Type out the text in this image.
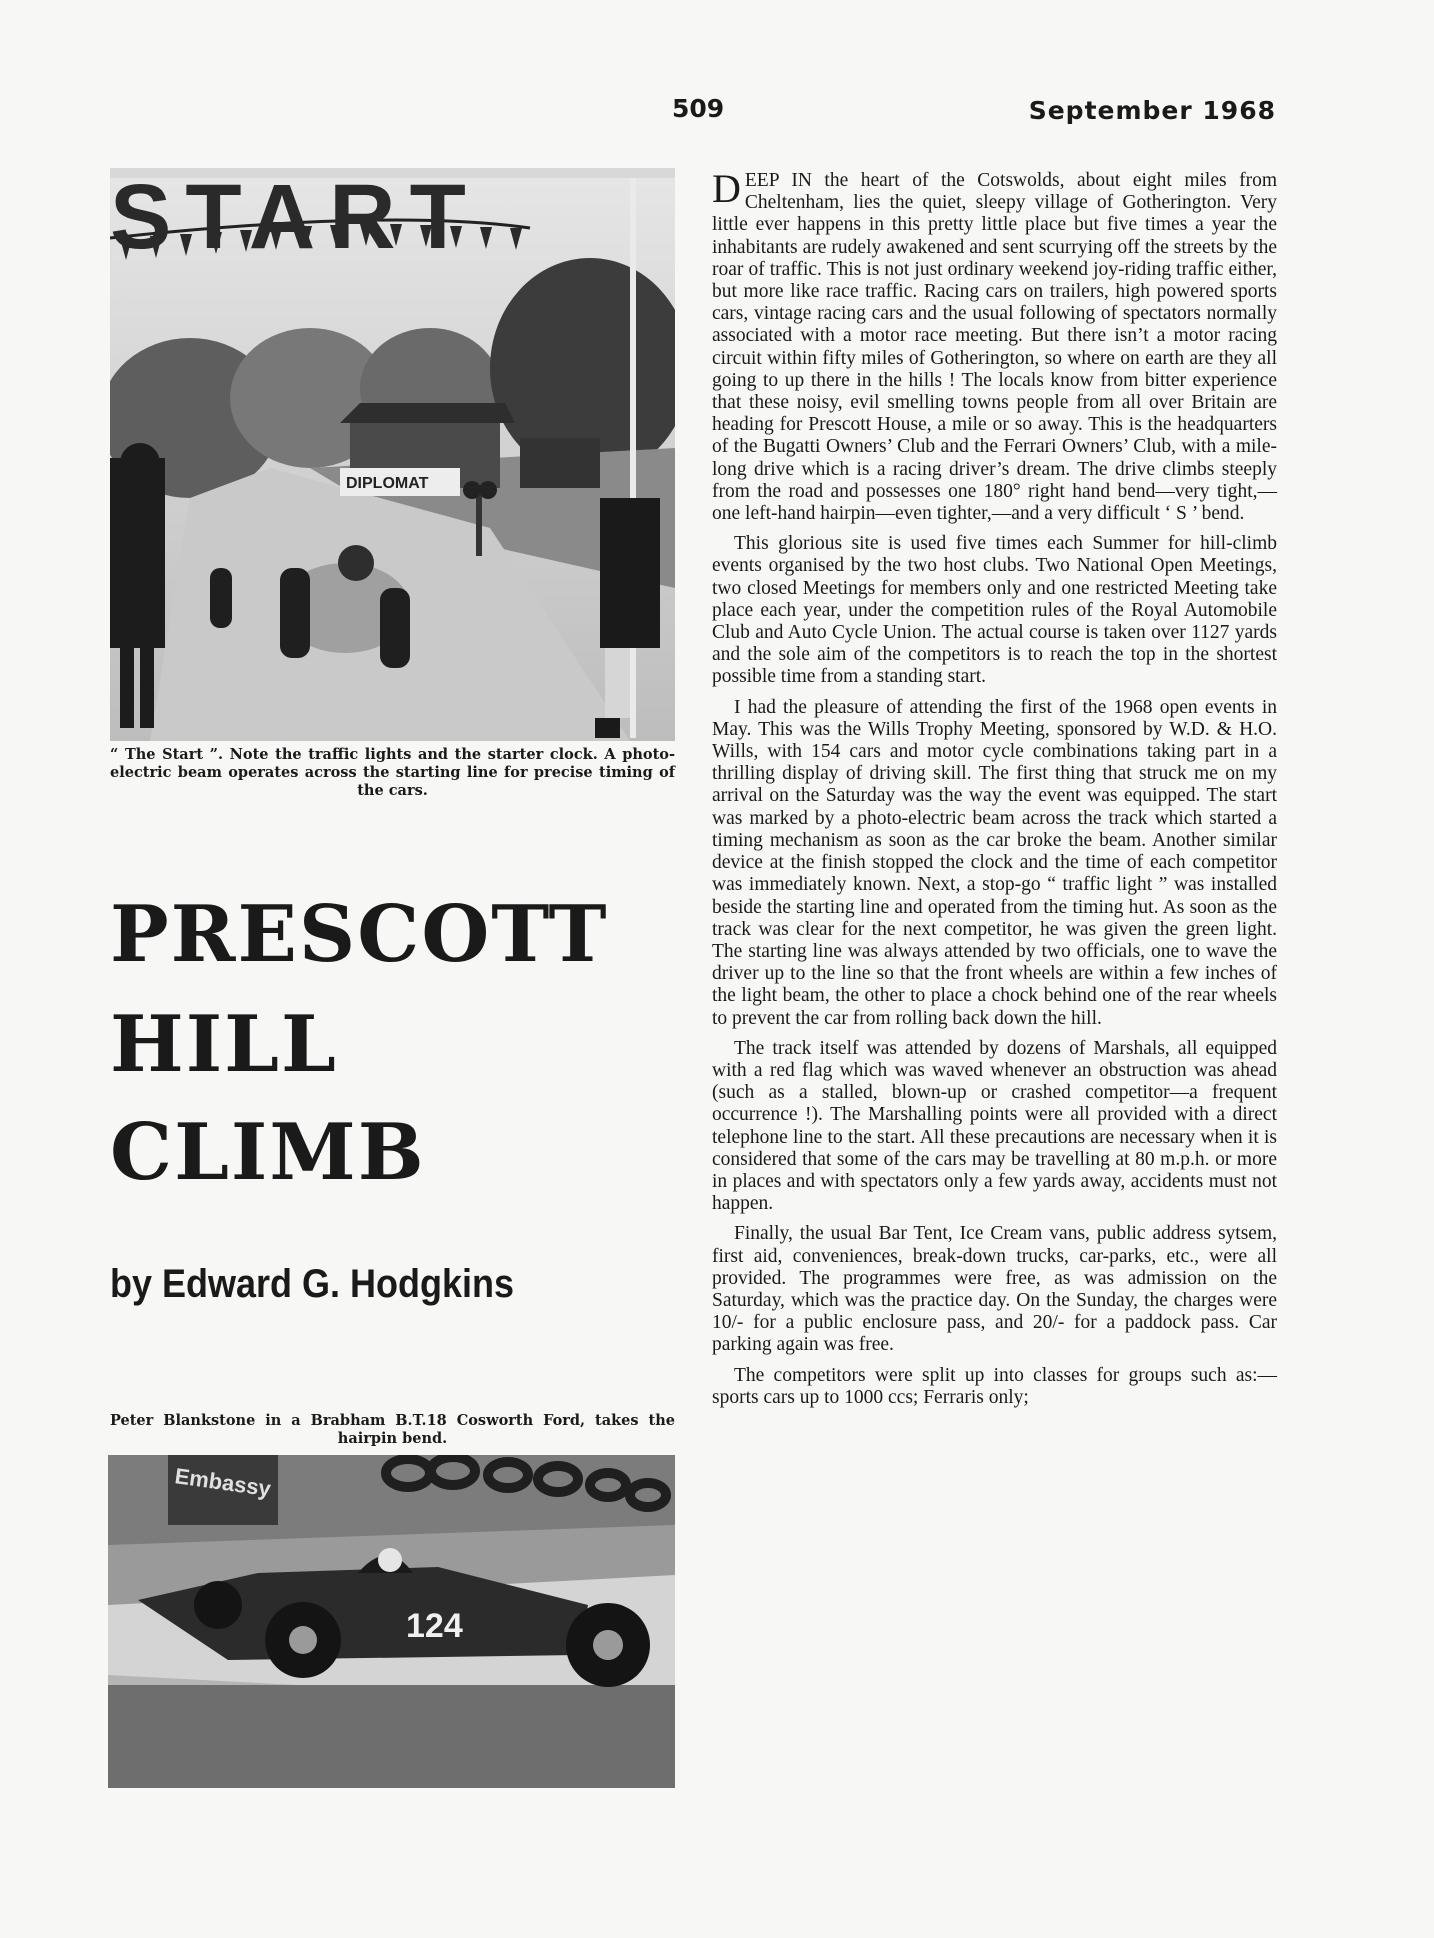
509	September 1968
START
DIPLOMAT
“ The Start ”. Note the traffic lights and the starter clock. A photo-electric beam operates across the starting line for precise timing of the cars.
PRESCOTT
HILL
CLIMB
by Edward G. Hodgkins
Peter Blankstone in a Brabham B.T.18 Cosworth Ford, takes the hairpin bend.
Embassy
124

DEEP IN the heart of the Cotswolds, about eight miles from Cheltenham, lies the quiet, sleepy village of Gotherington. Very little ever happens in this pretty little place but five times a year the inhabitants are rudely awakened and sent scurrying off the streets by the roar of traffic. This is not just ordinary weekend joy-riding traffic either, but more like race traffic. Racing cars on trailers, high powered sports cars, vintage racing cars and the usual following of spectators normally associated with a motor race meeting. But there isn’t a motor racing circuit within fifty miles of Gotherington, so where on earth are they all going to up there in the hills ! The locals know from bitter experience that these noisy, evil smelling towns people from all over Britain are heading for Prescott House, a mile or so away. This is the headquarters of the Bugatti Owners’ Club and the Ferrari Owners’ Club, with a mile-long drive which is a racing driver’s dream. The drive climbs steeply from the road and possesses one 180° right hand bend—very tight,—one left-hand hairpin—even tighter,—and a very difficult ‘ S ’ bend.

This glorious site is used five times each Summer for hill-climb events organised by the two host clubs. Two National Open Meetings, two closed Meetings for members only and one restricted Meeting take place each year, under the competition rules of the Royal Automobile Club and Auto Cycle Union. The actual course is taken over 1127 yards and the sole aim of the competitors is to reach the top in the shortest possible time from a standing start.

I had the pleasure of attending the first of the 1968 open events in May. This was the Wills Trophy Meeting, sponsored by W.D. & H.O. Wills, with 154 cars and motor cycle combinations taking part in a thrilling display of driving skill. The first thing that struck me on my arrival on the Saturday was the way the event was equipped. The start was marked by a photo-electric beam across the track which started a timing mechanism as soon as the car broke the beam. Another similar device at the finish stopped the clock and the time of each competitor was immediately known. Next, a stop-go “ traffic light ” was installed beside the starting line and operated from the timing hut. As soon as the track was clear for the next competitor, he was given the green light. The starting line was always attended by two officials, one to wave the driver up to the line so that the front wheels are within a few inches of the light beam, the other to place a chock behind one of the rear wheels to prevent the car from rolling back down the hill.

The track itself was attended by dozens of Marshals, all equipped with a red flag which was waved whenever an obstruction was ahead (such as a stalled, blown-up or crashed competitor—a frequent occurrence !). The Marshalling points were all provided with a direct telephone line to the start. All these precautions are necessary when it is considered that some of the cars may be travelling at 80 m.p.h. or more in places and with spectators only a few yards away, accidents must not happen.

Finally, the usual Bar Tent, Ice Cream vans, public address sytsem, first aid, conveniences, break-down trucks, car-parks, etc., were all provided. The programmes were free, as was admission on the Saturday, which was the practice day. On the Sunday, the charges were 10/- for a public enclosure pass, and 20/- for a paddock pass. Car parking again was free.

The competitors were split up into classes for groups such as:—sports cars up to 1000 ccs; Ferraris only;
